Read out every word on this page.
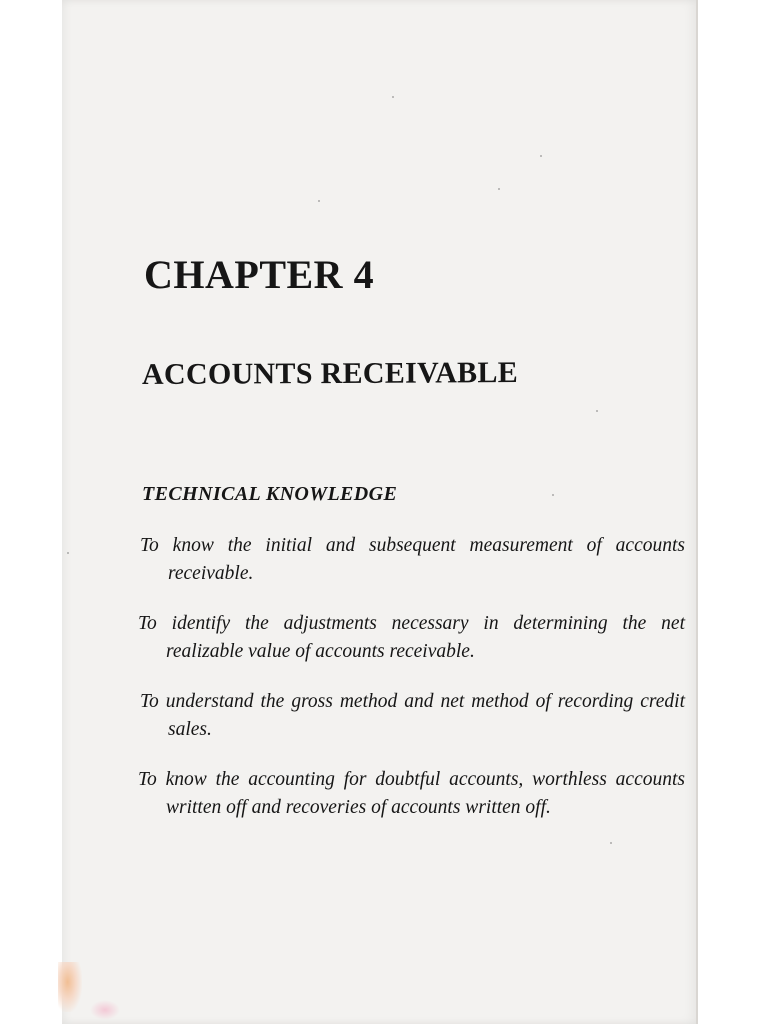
CHAPTER 4
ACCOUNTS RECEIVABLE
TECHNICAL KNOWLEDGE
To know the initial and subsequent measurement of accounts receivable.
To identify the adjustments necessary in determining the net realizable value of accounts receivable.
To understand the gross method and net method of recording credit sales.
To know the accounting for doubtful accounts, worthless accounts written off and recoveries of accounts written off.
